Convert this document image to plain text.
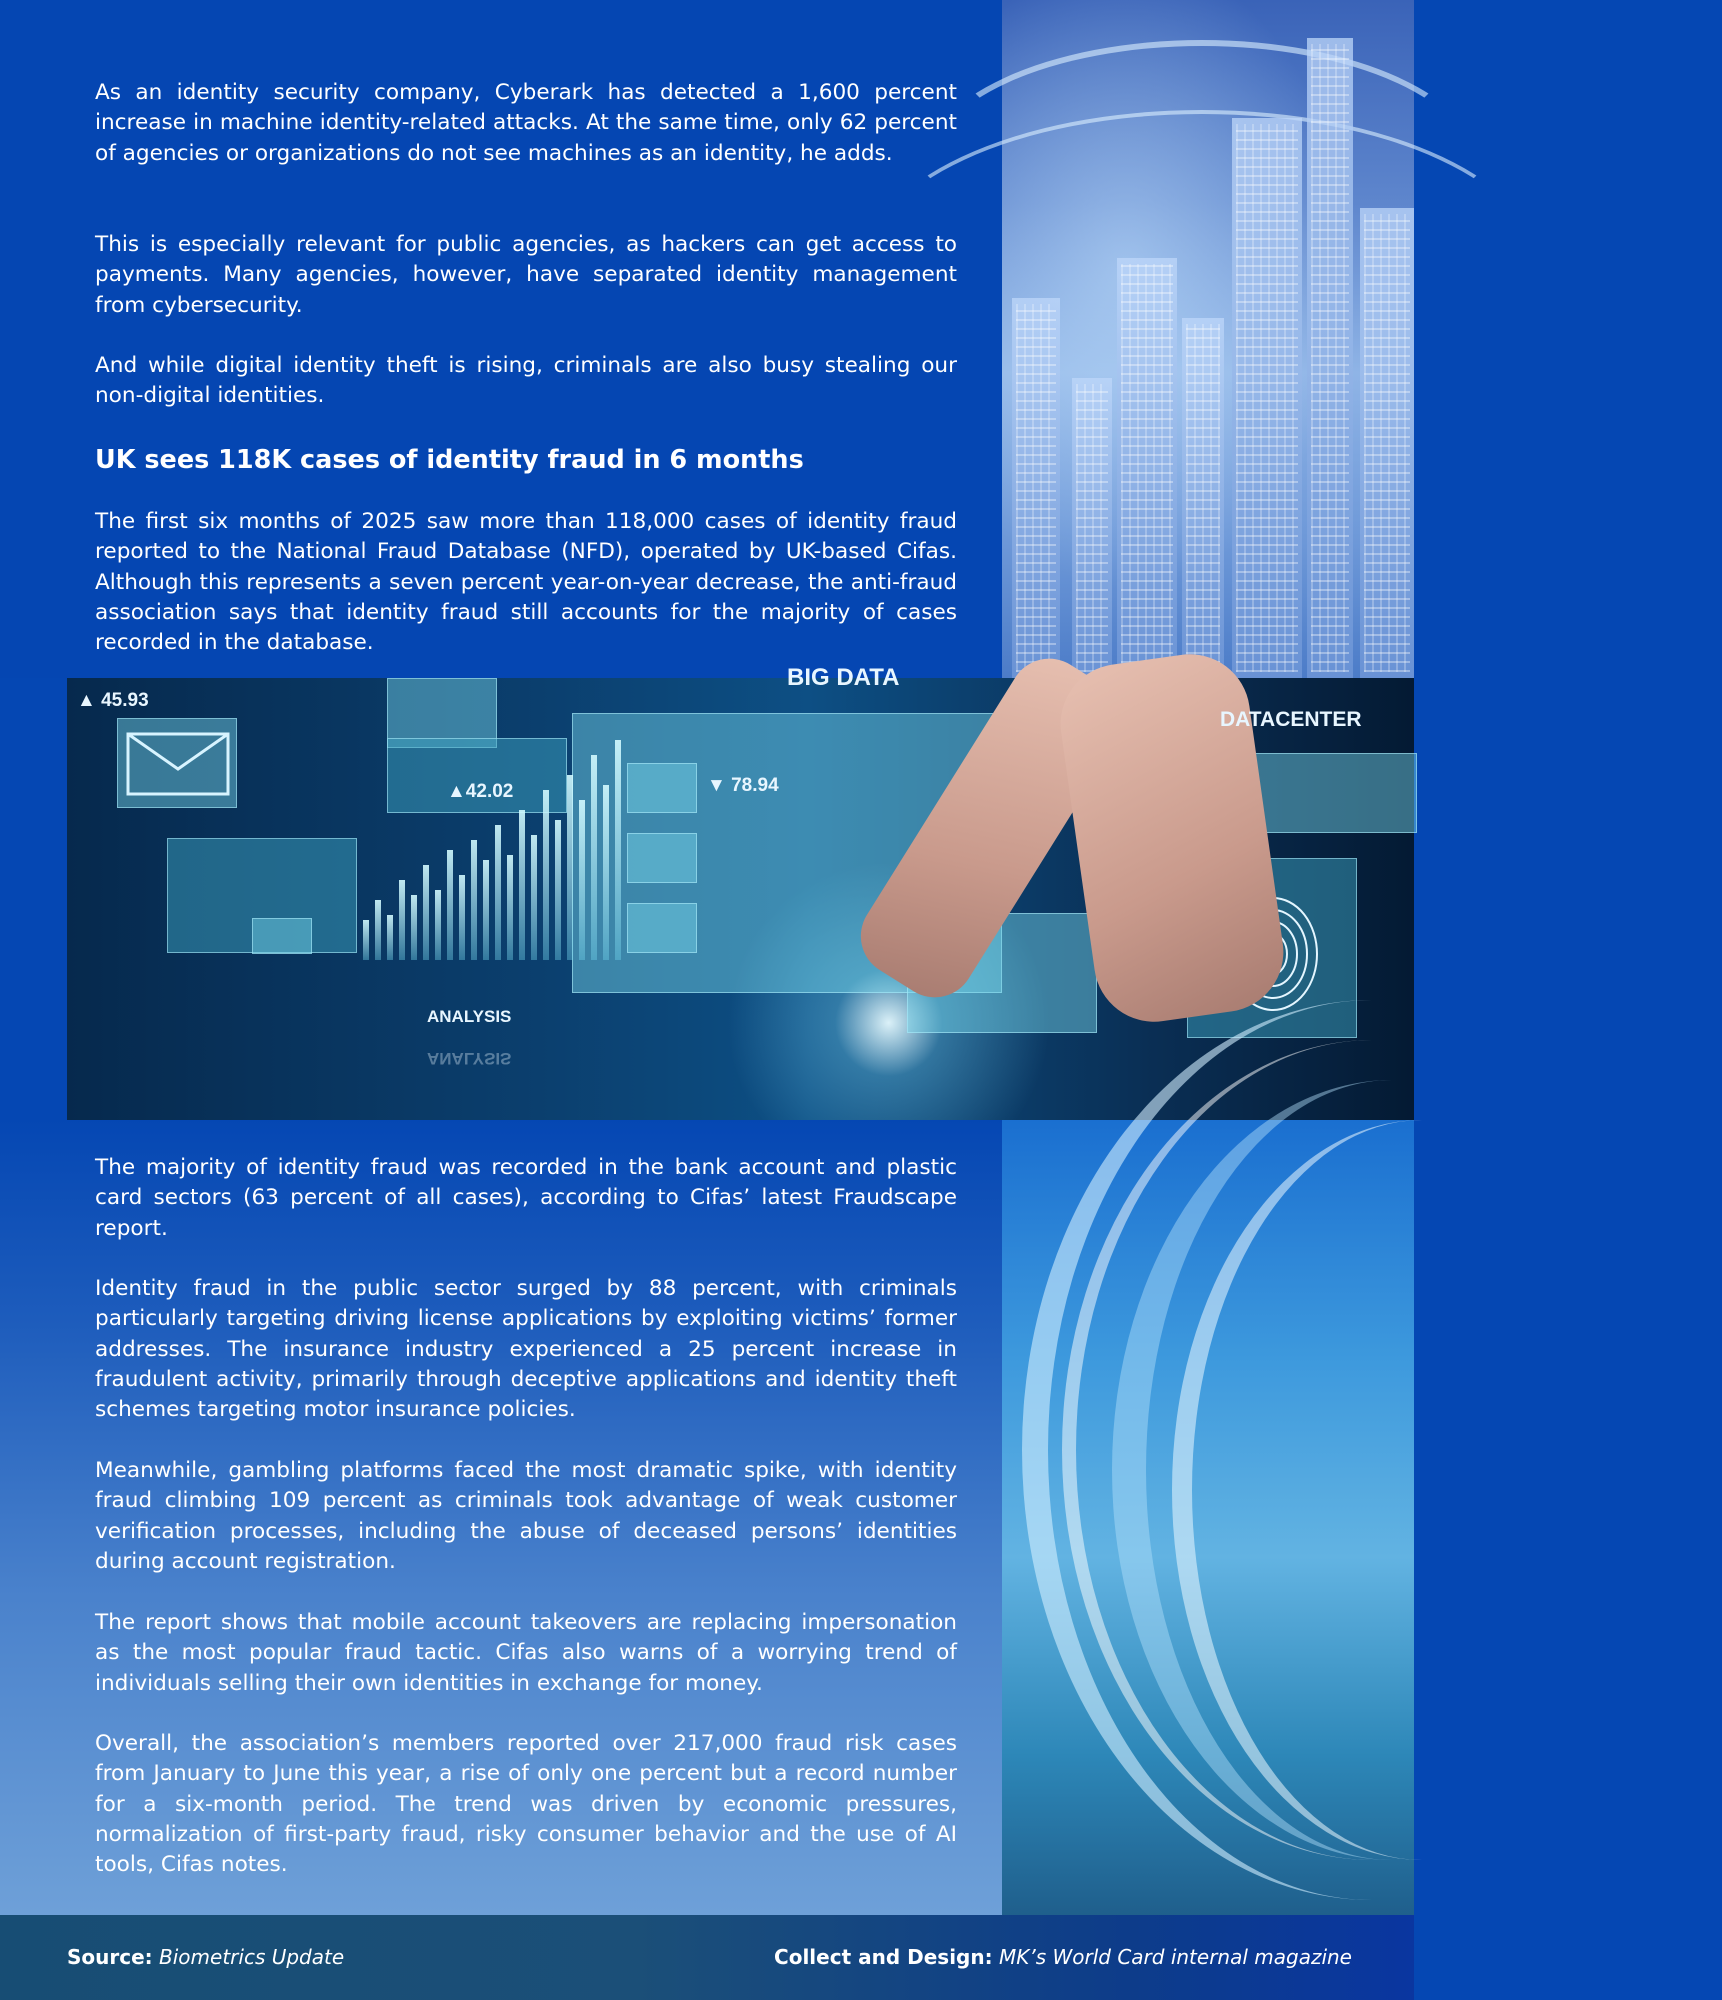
As an identity security company, Cyberark has detected a 1,600 percent increase in machine identity-related attacks. At the same time, only 62 percent of agencies or organizations do not see machines as an identity, he adds.

This is especially relevant for public agencies, as hackers can get access to payments. Many agencies, however, have separated identity management from cybersecurity.

And while digital identity theft is rising, criminals are also busy stealing our non-digital identities.

UK sees 118K cases of identity fraud in 6 months

The first six months of 2025 saw more than 118,000 cases of identity fraud reported to the National Fraud Database (NFD), operated by UK-based Cifas. Although this represents a seven percent year-on-year decrease, the anti-fraud association says that identity fraud still accounts for the majority of cases recorded in the database.

▲ 45.93
▲42.02	▼ 78.94
BIG DATA
DATACENTER
ANALYSIS
ANALYSIS

The majority of identity fraud was recorded in the bank account and plastic card sectors (63 percent of all cases), according to Cifas’ latest Fraudscape report.

Identity fraud in the public sector surged by 88 percent, with criminals particularly targeting driving license applications by exploiting victims’ former addresses. The insurance industry experienced a 25 percent increase in fraudulent activity, primarily through deceptive applications and identity theft schemes targeting motor insurance policies.

Meanwhile, gambling platforms faced the most dramatic spike, with identity fraud climbing 109 percent as criminals took advantage of weak customer verification processes, including the abuse of deceased persons’ identities during account registration.

The report shows that mobile account takeovers are replacing impersonation as the most popular fraud tactic. Cifas also warns of a worrying trend of individuals selling their own identities in exchange for money.

Overall, the association’s members reported over 217,000 fraud risk cases from January to June this year, a rise of only one percent but a record number for a six-month period. The trend was driven by economic pressures, normalization of first-party fraud, risky consumer behavior and the use of AI tools, Cifas notes.

Source: Biometrics Update	Collect and Design: MK’s World Card internal magazine
